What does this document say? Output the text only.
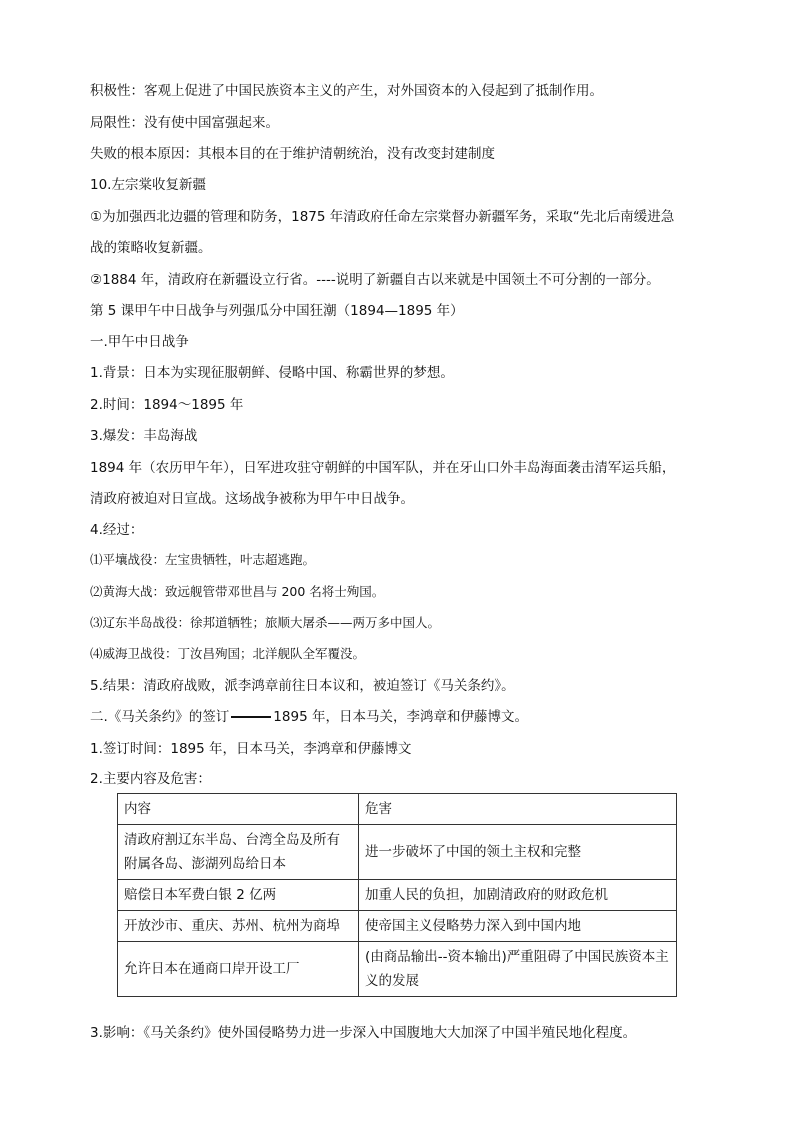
积极性：客观上促进了中国民族资本主义的产生，对外国资本的入侵起到了抵制作用。
局限性：没有使中国富强起来。
失败的根本原因：其根本目的在于维护清朝统治，没有改变封建制度
10.左宗棠收复新疆
①为加强西北边疆的管理和防务，1875 年清政府任命左宗棠督办新疆军务，采取“先北后南缓进急
战的策略收复新疆。
②1884 年，清政府在新疆设立行省。----说明了新疆自古以来就是中国领土不可分割的一部分。
第 5 课甲午中日战争与列强瓜分中国狂潮（1894—1895 年）
一.甲午中日战争
1.背景：日本为实现征服朝鲜、侵略中国、称霸世界的梦想。
2.时间：1894～1895 年
3.爆发：丰岛海战
1894 年（农历甲午年），日军进攻驻守朝鲜的中国军队，并在牙山口外丰岛海面袭击清军运兵船，
清政府被迫对日宣战。这场战争被称为甲午中日战争。
4.经过：
⑴平壤战役：左宝贵牺牲，叶志超逃跑。
⑵黄海大战：致远舰管带邓世昌与 200 名将士殉国。
⑶辽东半岛战役：徐邦道牺牲；旅顺大屠杀——两万多中国人。
⑷威海卫战役：丁汝昌殉国；北洋舰队全军覆没。
5.结果：清政府战败，派李鸿章前往日本议和，被迫签订《马关条约》。
二.《马关条约》的签订	1895 年，日本马关，李鸿章和伊藤博文。
1.签订时间：1895 年，日本马关，李鸿章和伊藤博文
2.主要内容及危害：
内容	危害
清政府割辽东半岛、台湾全岛及所有附属各岛、澎湖列岛给日本	进一步破坏了中国的领土主权和完整
赔偿日本军费白银 2 亿两	加重人民的负担，加剧清政府的财政危机
开放沙市、重庆、苏州、杭州为商埠	使帝国主义侵略势力深入到中国内地
允许日本在通商口岸开设工厂	(由商品输出--资本输出)严重阻碍了中国民族资本主义的发展
3.影响：《马关条约》使外国侵略势力进一步深入中国腹地大大加深了中国半殖民地化程度。
